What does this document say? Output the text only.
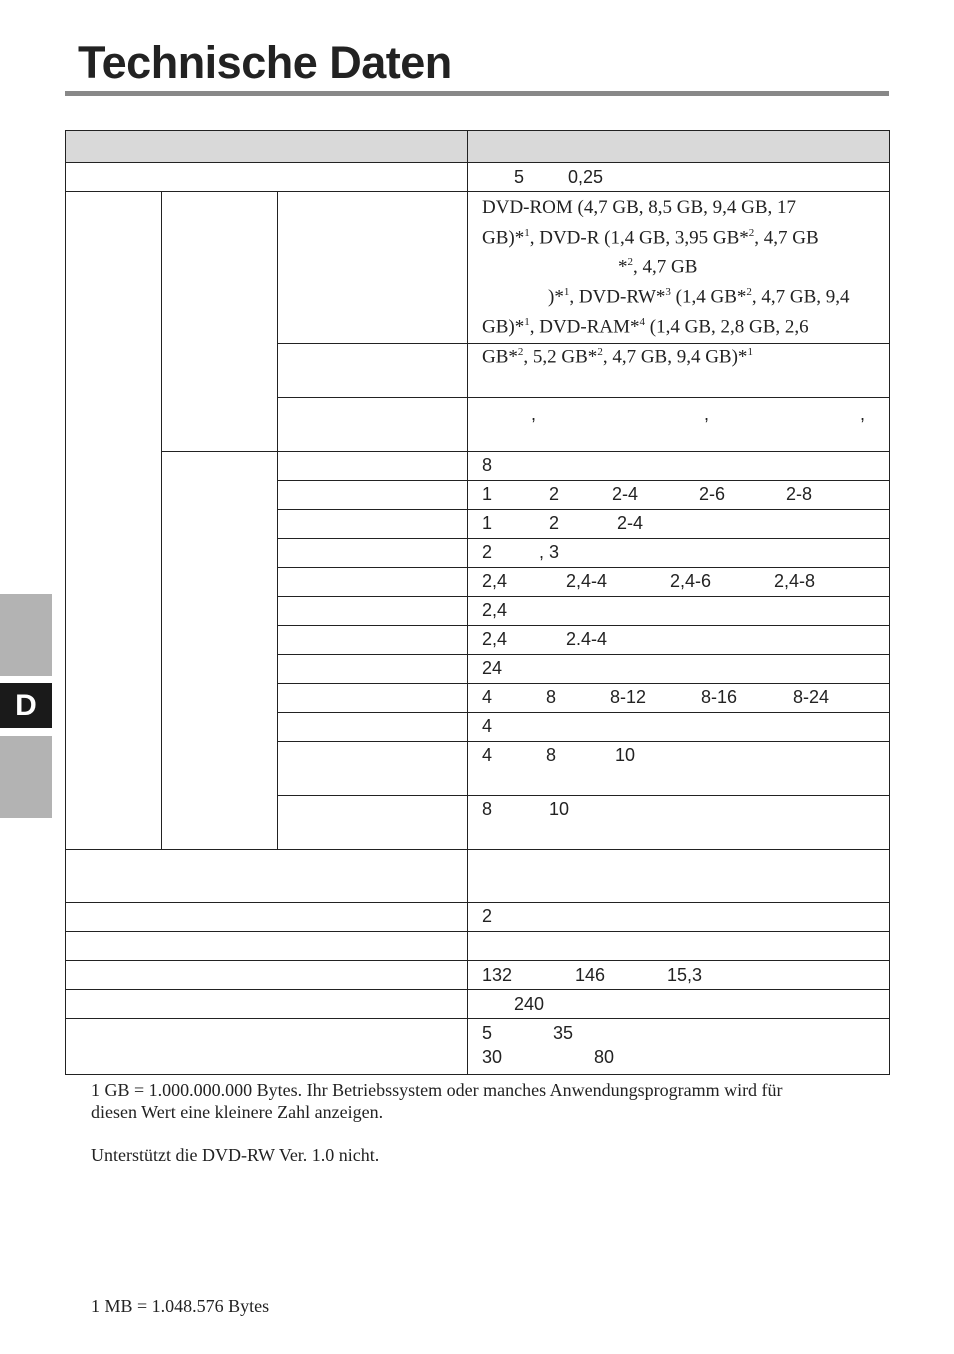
Technische Daten
D
5 0,25
DVD-ROM (4,7 GB, 8,5 GB, 9,4 GB, 17
GB)*$^1$, DVD-R (1,4 GB, 3,95 GB*$^2$, 4,7 GB
*$^2$, 4,7 GB
)*$^1$, DVD-RW*$^3$ (1,4 GB*$^2$, 4,7 GB, 9,4
GB)*$^1$, DVD-RAM*$^4$ (1,4 GB, 2,8 GB, 2,6
GB*$^2$, 5,2 GB*$^2$, 4,7 GB, 9,4 GB)*$^1$
,	,	,
8
1	2	2-4	2-6	2-8
1	2	2-4
2	, 3
2,4	2,4-4	2,4-6	2,4-8
2,4
2,4	2.4-4
24
4	8	8-12	8-16	8-24
4
4	8	10
8	10
2
132	146	15,3
240
5	35
30	80
1 GB = 1.000.000.000 Bytes. Ihr Betriebssystem oder manches Anwendungsprogramm wird für
diesen Wert eine kleinere Zahl anzeigen.
Unterstützt die DVD-RW Ver. 1.0 nicht.
1 MB = 1.048.576 Bytes
